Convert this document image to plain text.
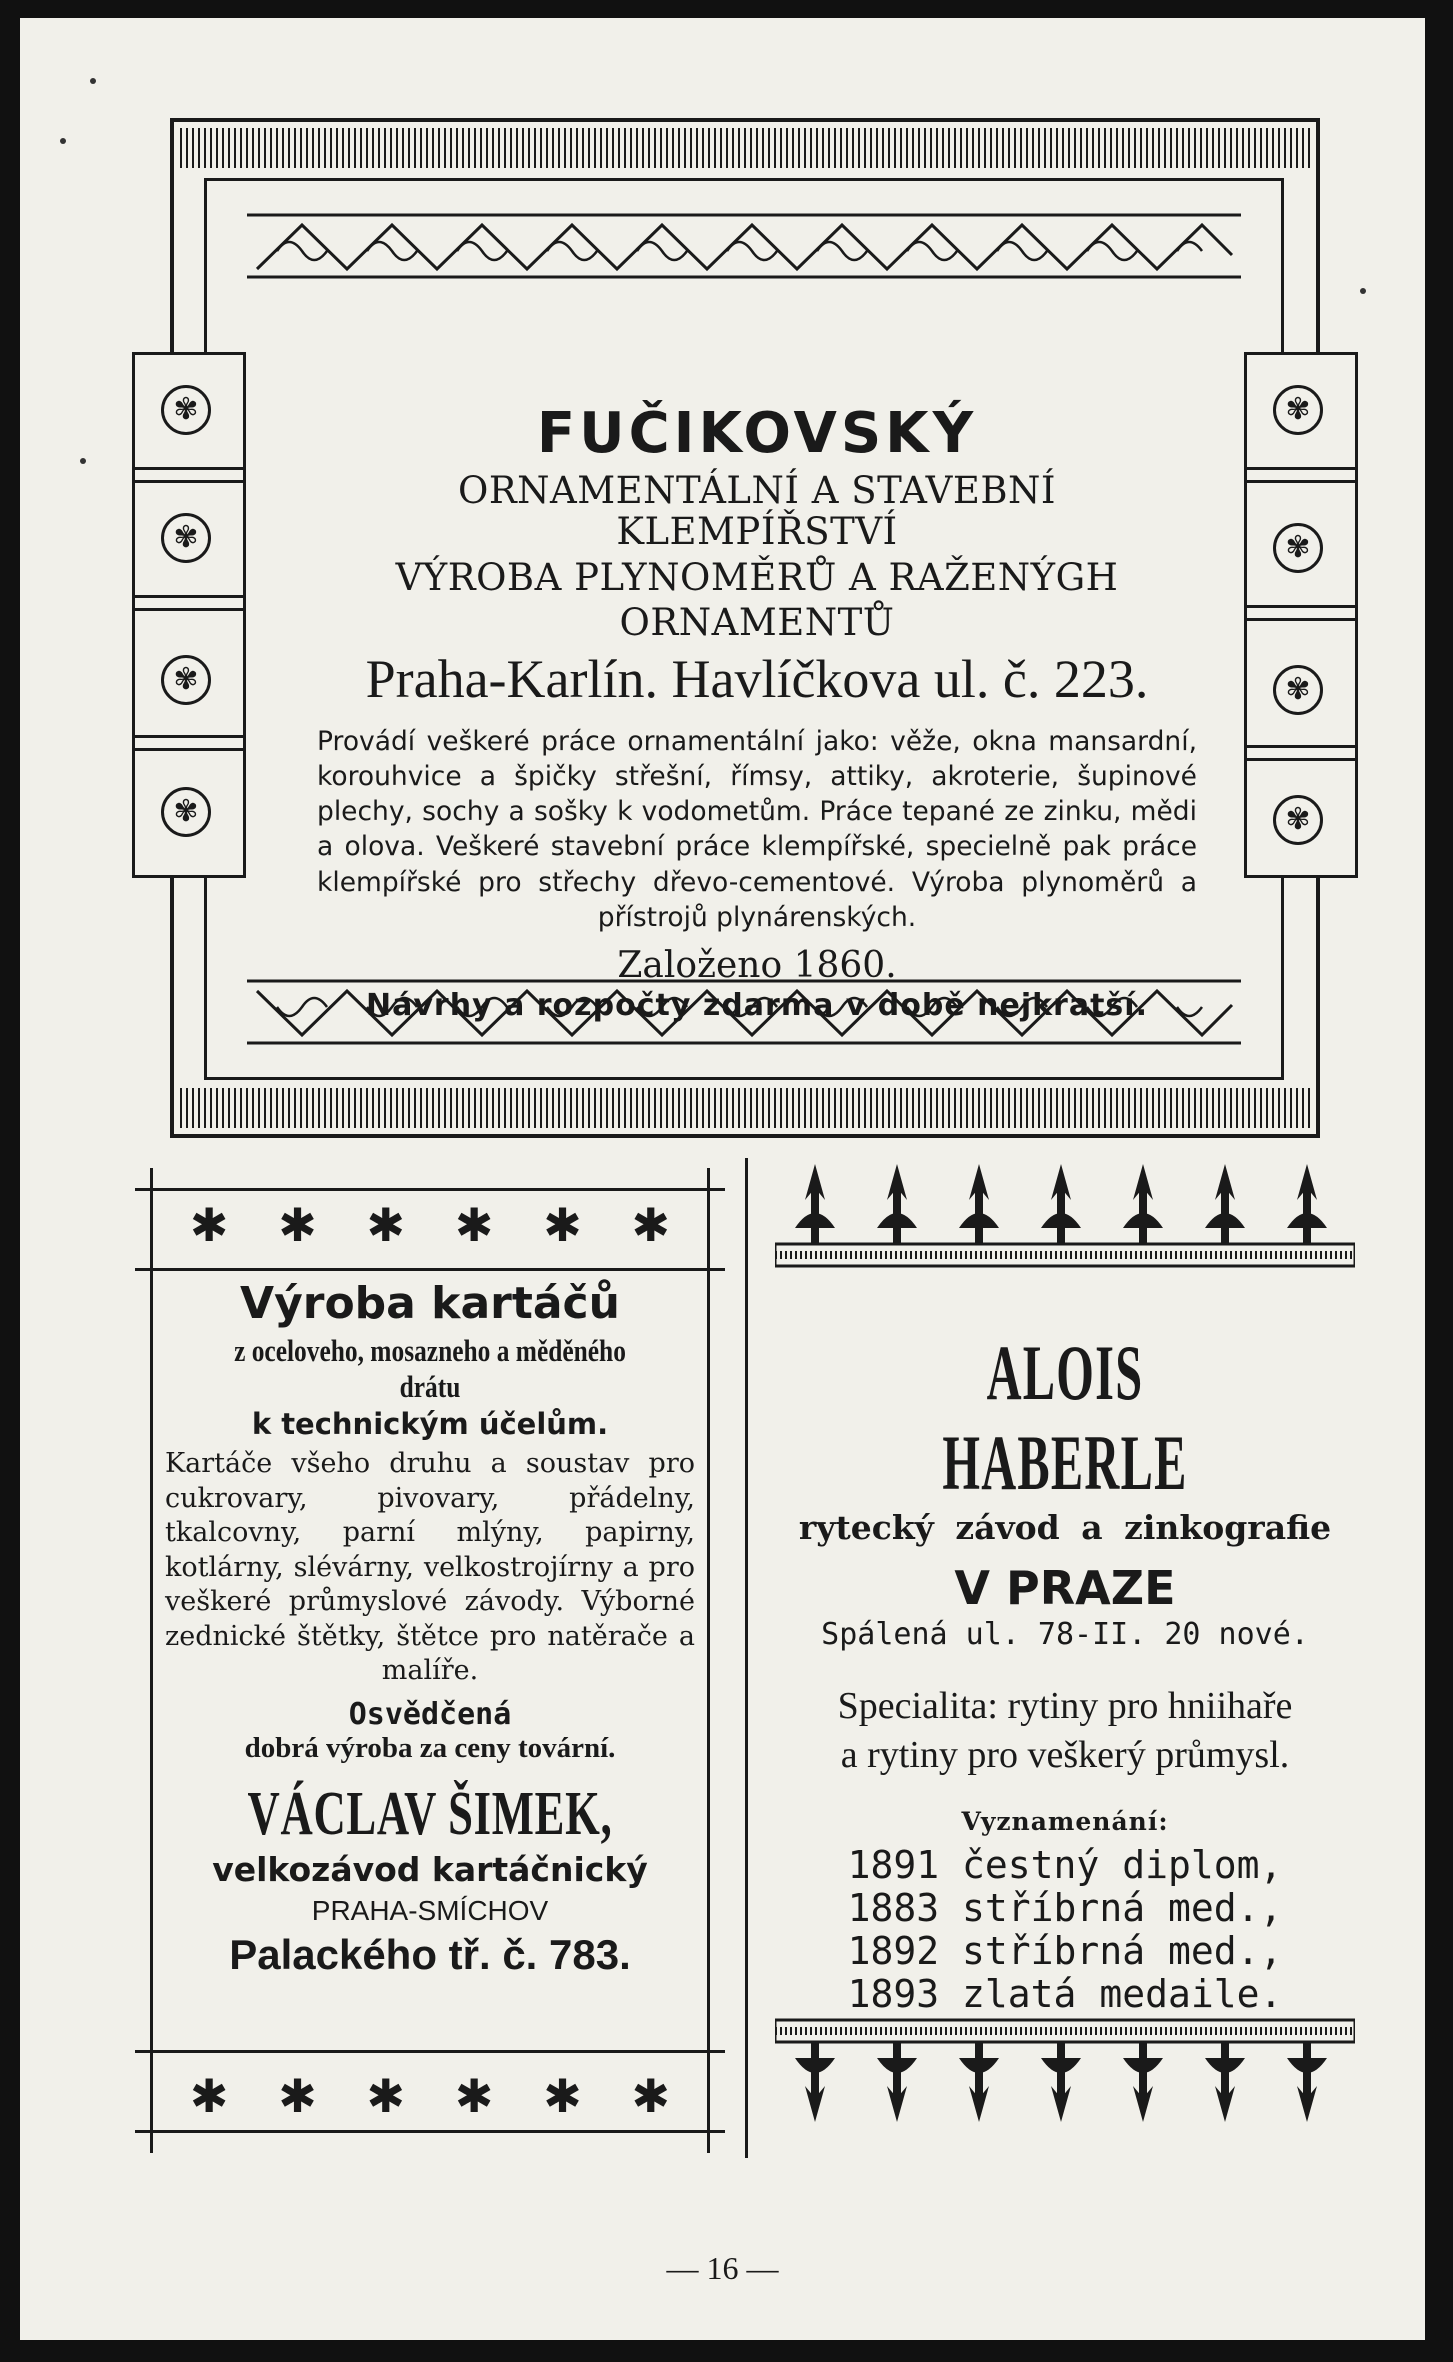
FUČIKOVSKÝ

ORNAMENTÁLNÍ A STAVEBNÍ KLEMPÍŘSTVÍ

VÝROBA PLYNOMĚRŮ A RAŽENÝGH

ORNAMENTŮ

Praha-Karlín. Havlíčkova ul. č. 223.

Provádí veškeré práce ornamentální jako: věže, okna mansardní, korouhvice a špičky střešní, římsy, attiky, akroterie, šupinové plechy, sochy a sošky k vodometům. Práce tepané ze zinku, mědi a olova. Veškeré stavební práce klempířské, specielně pak práce klempířské pro střechy dřevo-cementové. Výroba plynoměrů a přístrojů plynárenských.

Založeno 1860.

Návrhy a rozpočty zdarma v době nejkratší.

✾
✾
✾
✾
✾
✾
✾
✾
✱ ✱ ✱ ✱ ✱ ✱
Výroba kartáčů

z oceloveho, mosazneho a měděného drátu

k technickým účelům.

Kartáče všeho druhu a soustav pro cukrovary, pivovary, přádelny, tkalcovny, parní mlýny, papirny, kotlárny, slévárny, velkostrojírny a pro veškeré průmyslové závody. Výborné zednické štětky, štětce pro natěrače a malíře.

Osvědčená

dobrá výroba za ceny tovární.

VÁCLAV ŠIMEK,

velkozávod kartáčnický

PRAHA-SMÍCHOV

Palackého tř. č. 783.

✱ ✱ ✱ ✱ ✱ ✱
ALOIS HABERLE

rytecký závod a zinkografie

V PRAZE

Spálená ul. 78-II. 20 nové.

Specialita: rytiny pro hniihaře

a rytiny pro veškerý průmysl.

Vyznamenání:

1891 čestný diplom,

1883 stříbrná med.,

1892 stříbrná med.,

1893 zlatá medaile.

— 16 —
